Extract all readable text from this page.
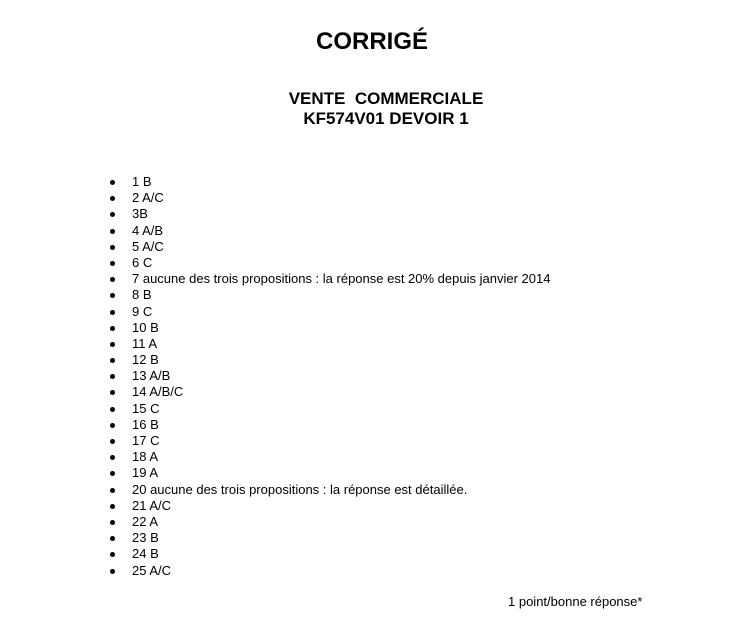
CORRIGÉ
VENTE  COMMERCIALE
KF574V01 DEVOIR 1
1 B
2 A/C
3B
4 A/B
5 A/C
6 C
7 aucune des trois propositions : la réponse est 20% depuis janvier 2014
8 B
9 C
10 B
11 A
12 B
13 A/B
14 A/B/C
15 C
16 B
17 C
18 A
19 A
20 aucune des trois propositions : la réponse est détaillée.
21 A/C
22 A
23 B
24 B
25 A/C
1 point/bonne réponse*
